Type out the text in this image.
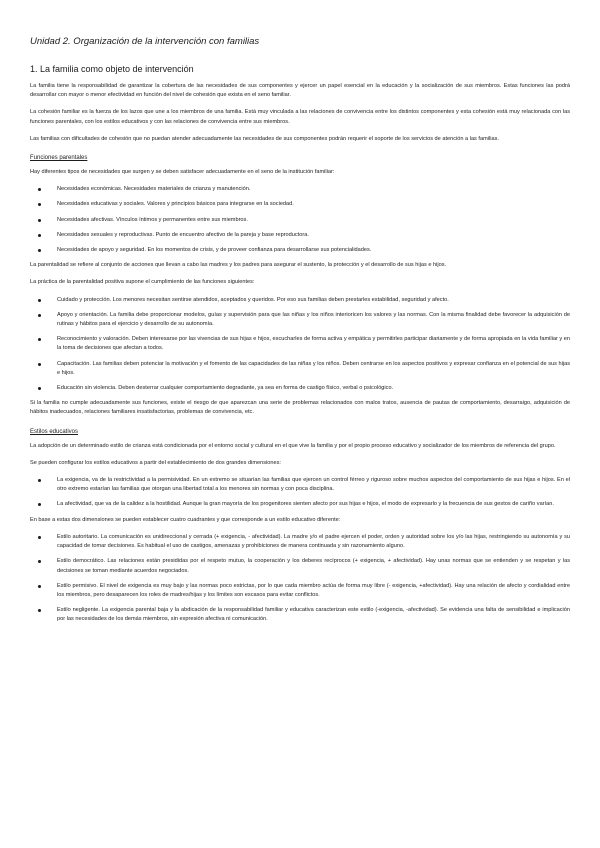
Unidad 2. Organización de la intervención con familias
1. La familia como objeto de intervención

La familia tiene la responsabilidad de garantizar la cobertura de las necesidades de sus componentes y ejercer un papel esencial en la educación y la socialización de sus miembros. Estas funciones las podrá desarrollar con mayor o menor efectividad en función del nivel de cohesión que exista en el seno familiar.

La cohesión familiar es la fuerza de los lazos que une a los miembros de una familia. Está muy vinculada a las relaciones de convivencia entre los distintos componentes y esta cohesión está muy relacionada con las funciones parentales, con los estilos educativos y con las relaciones de convivencia entre sus miembros.

Las familias con dificultades de cohesión que no puedan atender adecuadamente las necesidades de sus componentes podrán requerir el soporte de los servicios de atención a las familias.

Funciones parentales

Hay diferentes tipos de necesidades que surgen y se deben satisfacer adecuadamente en el seno de la institución familiar:

Necesidades económicas. Necesidades materiales de crianza y manutención.
Necesidades educativas y sociales. Valores y principios básicos para integrarse en la sociedad.
Necesidades afectivas. Vínculos íntimos y permanentes entre sus miembros.
Necesidades sexuales y reproductivas. Punto de encuentro afectivo de la pareja y base reproductora.
Necesidades de apoyo y seguridad. En los momentos de crisis, y de proveer confianza para desarrollarse sus potencialidades.

La parentalidad se refiere al conjunto de acciones que llevan a cabo las madres y los padres para asegurar el sustento, la protección y el desarrollo de sus hijas e hijos.

La práctica de la parentalidad positiva supone el cumplimiento de las funciones siguientes:

Cuidado y protección. Los menores necesitan sentirse atendidos, aceptados y queridos. Por eso sus familias deben prestarles estabilidad, seguridad y afecto.
Apoyo y orientación. La familia debe proporcionar modelos, guías y supervisión para que las niñas y los niños interioricen los valores y las normas. Con la misma finalidad debe favorecer la adquisición de rutinas y hábitos para el ejercicio y desarrollo de su autonomía.
Reconocimiento y valoración. Deben interesarse por las vivencias de sus hijas e hijos, escucharles de forma activa y empática y permitirles participar diariamente y de forma apropiada en la vida familiar y en la toma de decisiones que afectan a todos.
Capacitación. Las familias deben potenciar la motivación y el fomento de las capacidades de las niñas y los niños. Deben centrarse en los aspectos positivos y expresar confianza en el potencial de sus hijas e hijos.
Educación sin violencia. Deben desterrar cualquier comportamiento degradante, ya sea en forma de castigo físico, verbal o psicológico.

Si la familia no cumple adecuadamente sus funciones, existe el riesgo de que aparezcan una serie de problemas relacionados con malos tratos, ausencia de pautas de comportamiento, desarraigo, adquisición de hábitos inadecuados, relaciones familiares insatisfactorias, problemas de convivencia, etc.

Estilos educativos

La adopción de un determinado estilo de crianza está condicionada por el entorno social y cultural en el que vive la familia y por el propio proceso educativo y socializador de los miembros de referencia del grupo.

Se pueden configurar los estilos educativos a partir del establecimiento de dos grandes dimensiones:

La exigencia, va de la restrictividad a la permisividad. En un extremo se situarían las familias que ejercen un control férreo y riguroso sobre muchos aspectos del comportamiento de sus hijas e hijos. En el otro extremo estarían las familias que otorgan una libertad total a los menores sin normas y con poca disciplina.
La afectividad, que va de la calidez a la hostilidad. Aunque la gran mayoría de los progenitores sienten afecto por sus hijas e hijos, el modo de expresarlo y la frecuencia de sus gestos de cariño varían.

En base a estas dos dimensiones se pueden establecer cuatro cuadrantes y que corresponde a un estilo educativo diferente:

Estilo autoritario. La comunicación es unidireccional y cerrada (+ exigencia, - afectividad). La madre y/o el padre ejercen el poder, orden y autoridad sobre los y/o las hijas, restringiendo su autonomía y su capacidad de tomar decisiones. Es habitual el uso de castigos, amenazas y prohibiciones de manera continuada y sin razonamiento alguno.
Estilo democrático. Las relaciones están presididas por el respeto mutuo, la cooperación y los deberes recíprocos (+ exigencia, + afectividad). Hay unas normas que se entienden y se respetan y las decisiones se toman mediante acuerdos negociados.
Estilo permisivo. El nivel de exigencia es muy bajo y las normas poco estrictas, por lo que cada miembro actúa de forma muy libre (- exigencia, +afectividad). Hay una relación de afecto y cordialidad entre los miembros, pero desaparecen los roles de madres/hijas y los límites son escasos para evitar conflictos.
Estilo negligente. La exigencia parental baja y la abdicación de la responsabilidad familiar y educativa caracterizan este estilo (-exigencia, -afectividad). Se evidencia una falta de sensibilidad e implicación por las necesidades de los demás miembros, sin expresión afectiva ni comunicación.
